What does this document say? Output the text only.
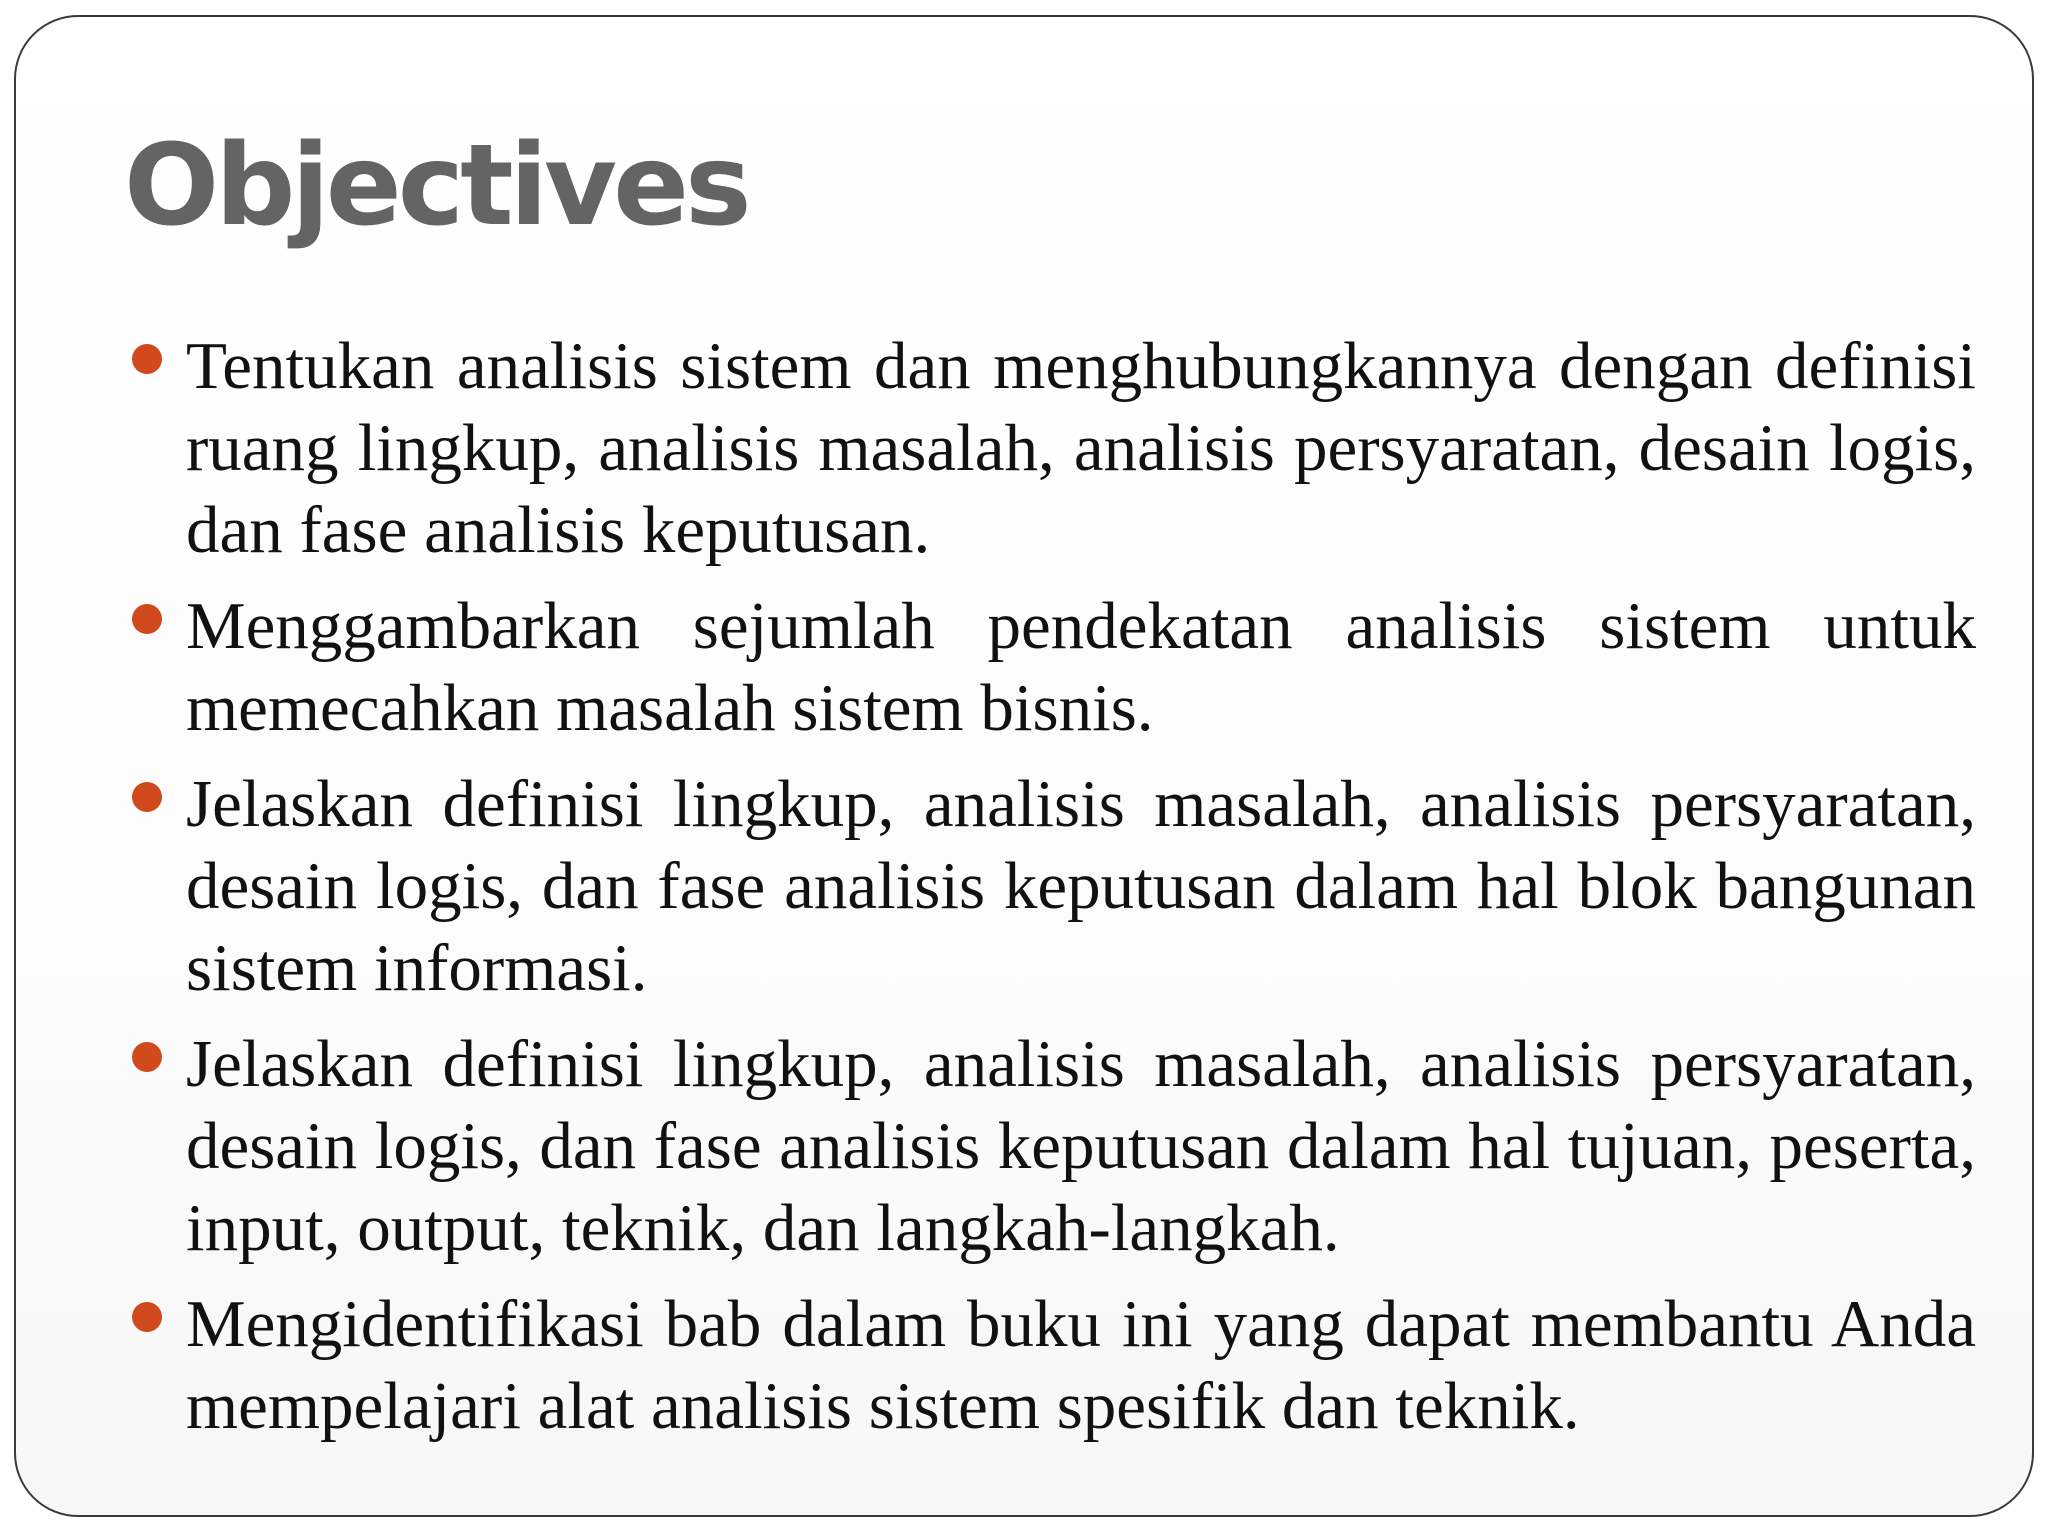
Objectives
Tentukan analisis sistem dan menghubungkannya dengan definisi ruang lingkup, analisis masalah, analisis persyaratan, desain logis, dan fase analisis keputusan.
Menggambarkan sejumlah pendekatan analisis sistem untuk memecahkan masalah sistem bisnis.
Jelaskan definisi lingkup, analisis masalah, analisis persyaratan, desain logis, dan fase analisis keputusan dalam hal blok bangunan sistem informasi.
Jelaskan definisi lingkup, analisis masalah, analisis persyaratan, desain logis, dan fase analisis keputusan dalam hal tujuan, peserta, input, output, teknik, dan langkah-langkah.
Mengidentifikasi bab dalam buku ini yang dapat membantu Anda mempelajari alat analisis sistem spesifik dan teknik.
